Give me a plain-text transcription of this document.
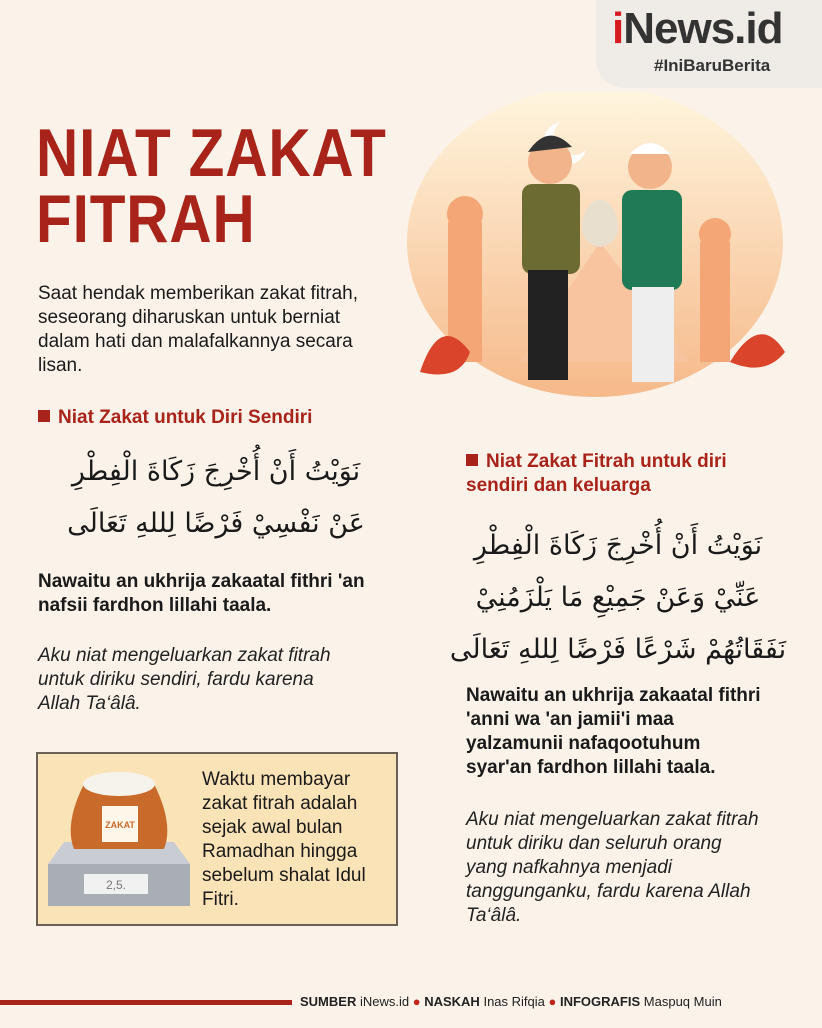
iNews.id
#IniBaruBerita
NIAT ZAKAT FITRAH
Saat hendak memberikan zakat fitrah, seseorang diharuskan untuk berniat dalam hati dan malafalkannya secara lisan.
Niat Zakat untuk Diri Sendiri
نَوَيْتُ أَنْ أُخْرِجَ زَكَاةَ الْفِطْرِ
عَنْ نَفْسِيْ فَرْضًا لِللهِ تَعَالَى
Nawaitu an ukhrija zakaatal fithri 'an nafsii fardhon lillahi taala.
Aku niat mengeluarkan zakat fitrah untuk diriku sendiri, fardu karena Allah Ta‘âlâ.
Niat Zakat Fitrah untuk diri sendiri dan keluarga
نَوَيْتُ أَنْ أُخْرِجَ زَكَاةَ الْفِطْرِ
عَنِّيْ وَعَنْ جَمِيْعِ مَا يَلْزَمُنِيْ
نَفَقَاتُهُمْ شَرْعًا فَرْضًا لِللهِ تَعَالَى
Nawaitu an ukhrija zakaatal fithri 'anni wa 'an jamii'i maa yalzamunii nafaqootuhum syar'an fardhon lillahi taala.
Aku niat mengeluarkan zakat fitrah untuk diriku dan seluruh orang yang nafkahnya menjadi tanggunganku, fardu karena Allah Ta‘âlâ.
2,5.
ZAKAT
Waktu membayar zakat fitrah adalah sejak awal bulan Ramadhan hingga sebelum shalat Idul Fitri.
SUMBER iNews.id ● NASKAH Inas Rifqia ● INFOGRAFIS Maspuq Muin
